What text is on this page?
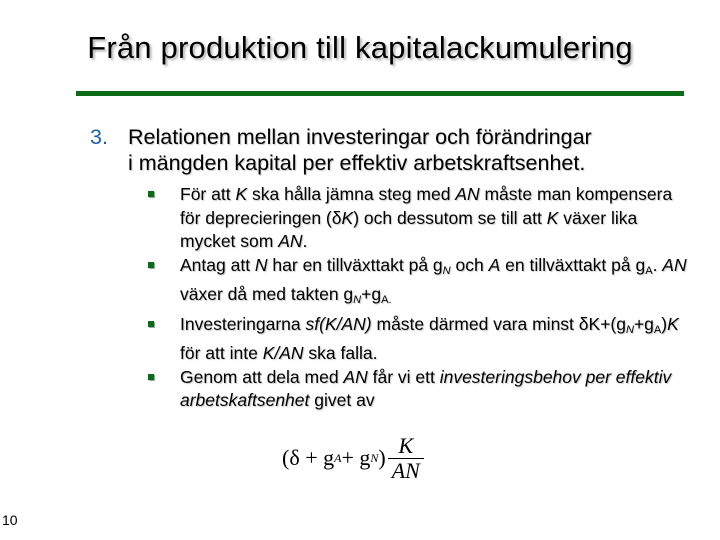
Från produktion till kapitalackumulering
3. Relationen mellan investeringar och förändringar
i mängden kapital per effektiv arbetskraftsenhet.
För att K ska hålla jämna steg med AN måste man kompensera för deprecieringen (δK) och dessutom se till att K växer lika mycket som AN.
Antag att N har en tillväxttakt på $g_N$ och A en tillväxttakt på $g_A$. AN växer då med takten $g_N+g_{A.}$
Investeringarna sf(K/AN) måste därmed vara minst $\delta K+(g_N+g_A)K$ för att inte K/AN ska falla.
Genom att dela med AN får vi ett investeringsbehov per effektiv arbetskaftsenhet givet av
(δ + g A + g N ) $\frac{K}{AN}$
10
